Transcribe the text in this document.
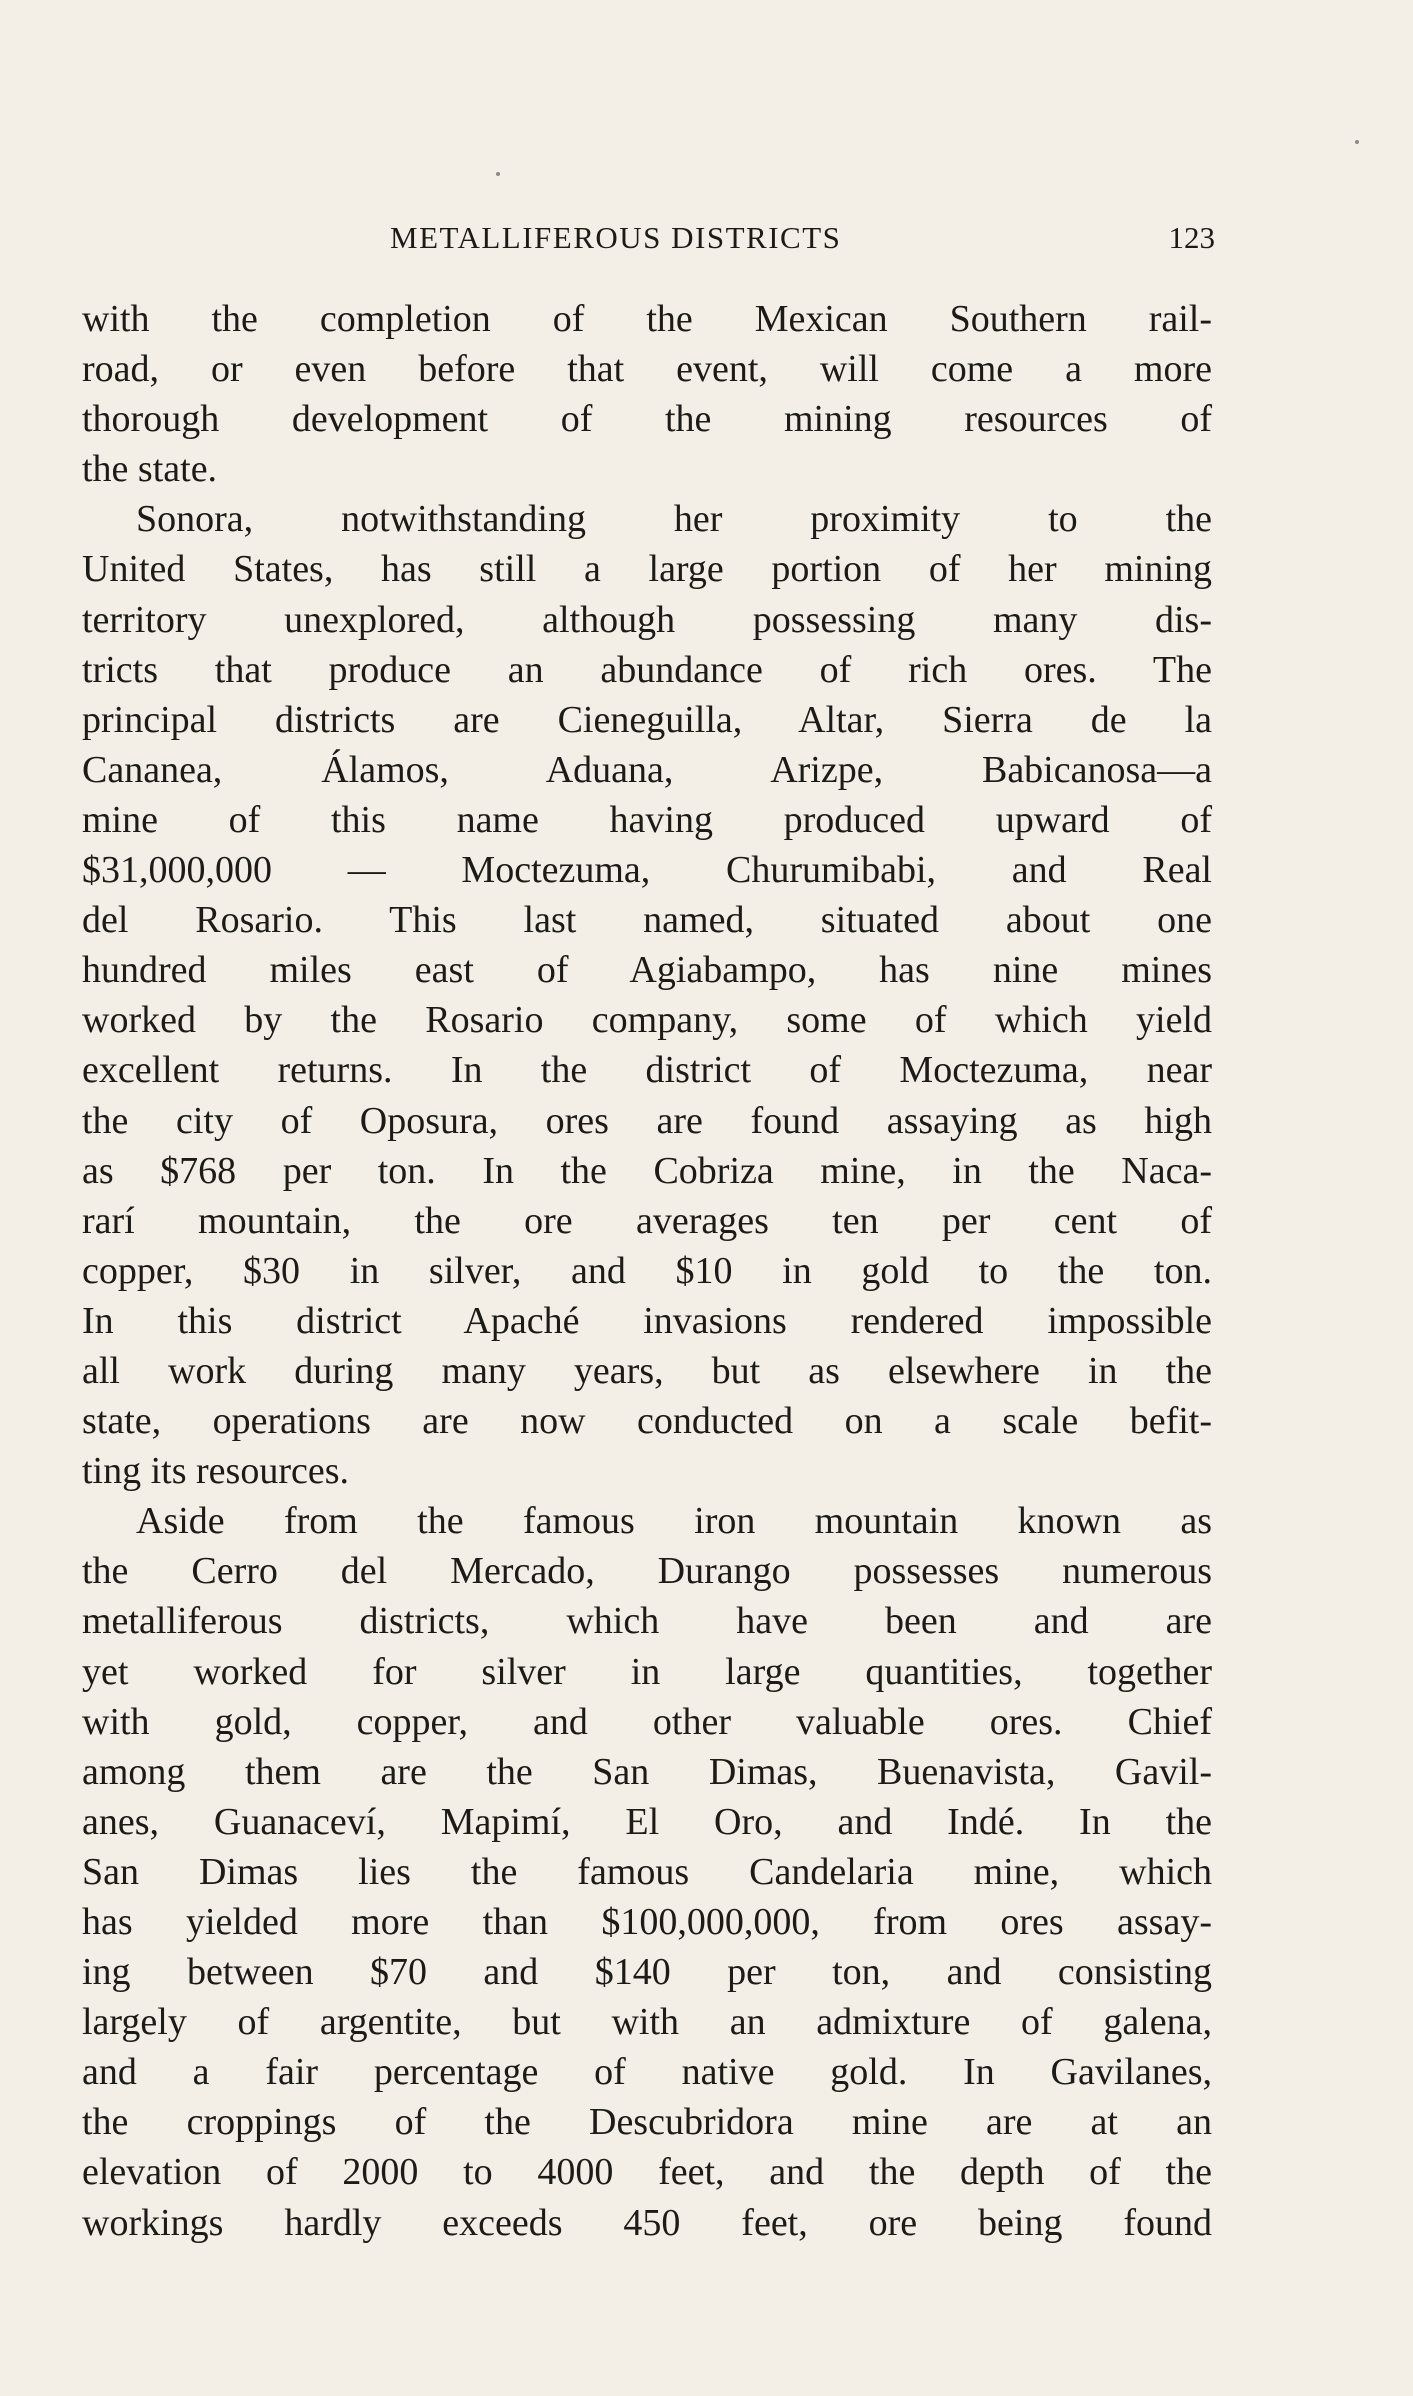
METALLIFEROUS DISTRICTS	123
with the completion of the Mexican Southern rail-
road, or even before that event, will come a more
thorough development of the mining resources of
the state.
Sonora, notwithstanding her proximity to the
United States, has still a large portion of her mining
territory unexplored, although possessing many dis-
tricts that produce an abundance of rich ores. The
principal districts are Cieneguilla, Altar, Sierra de la
Cananea, Álamos, Aduana, Arizpe, Babicanosa—a
mine of this name having produced upward of
$31,000,000 — Moctezuma, Churumibabi, and Real
del Rosario. This last named, situated about one
hundred miles east of Agiabampo, has nine mines
worked by the Rosario company, some of which yield
excellent returns. In the district of Moctezuma, near
the city of Oposura, ores are found assaying as high
as $768 per ton. In the Cobriza mine, in the Naca-
rarí mountain, the ore averages ten per cent of
copper, $30 in silver, and $10 in gold to the ton.
In this district Apaché invasions rendered impossible
all work during many years, but as elsewhere in the
state, operations are now conducted on a scale befit-
ting its resources.
Aside from the famous iron mountain known as
the Cerro del Mercado, Durango possesses numerous
metalliferous districts, which have been and are
yet worked for silver in large quantities, together
with gold, copper, and other valuable ores. Chief
among them are the San Dimas, Buenavista, Gavil-
anes, Guanaceví, Mapimí, El Oro, and Indé. In the
San Dimas lies the famous Candelaria mine, which
has yielded more than $100,000,000, from ores assay-
ing between $70 and $140 per ton, and consisting
largely of argentite, but with an admixture of galena,
and a fair percentage of native gold. In Gavilanes,
the croppings of the Descubridora mine are at an
elevation of 2000 to 4000 feet, and the depth of the
workings hardly exceeds 450 feet, ore being found
